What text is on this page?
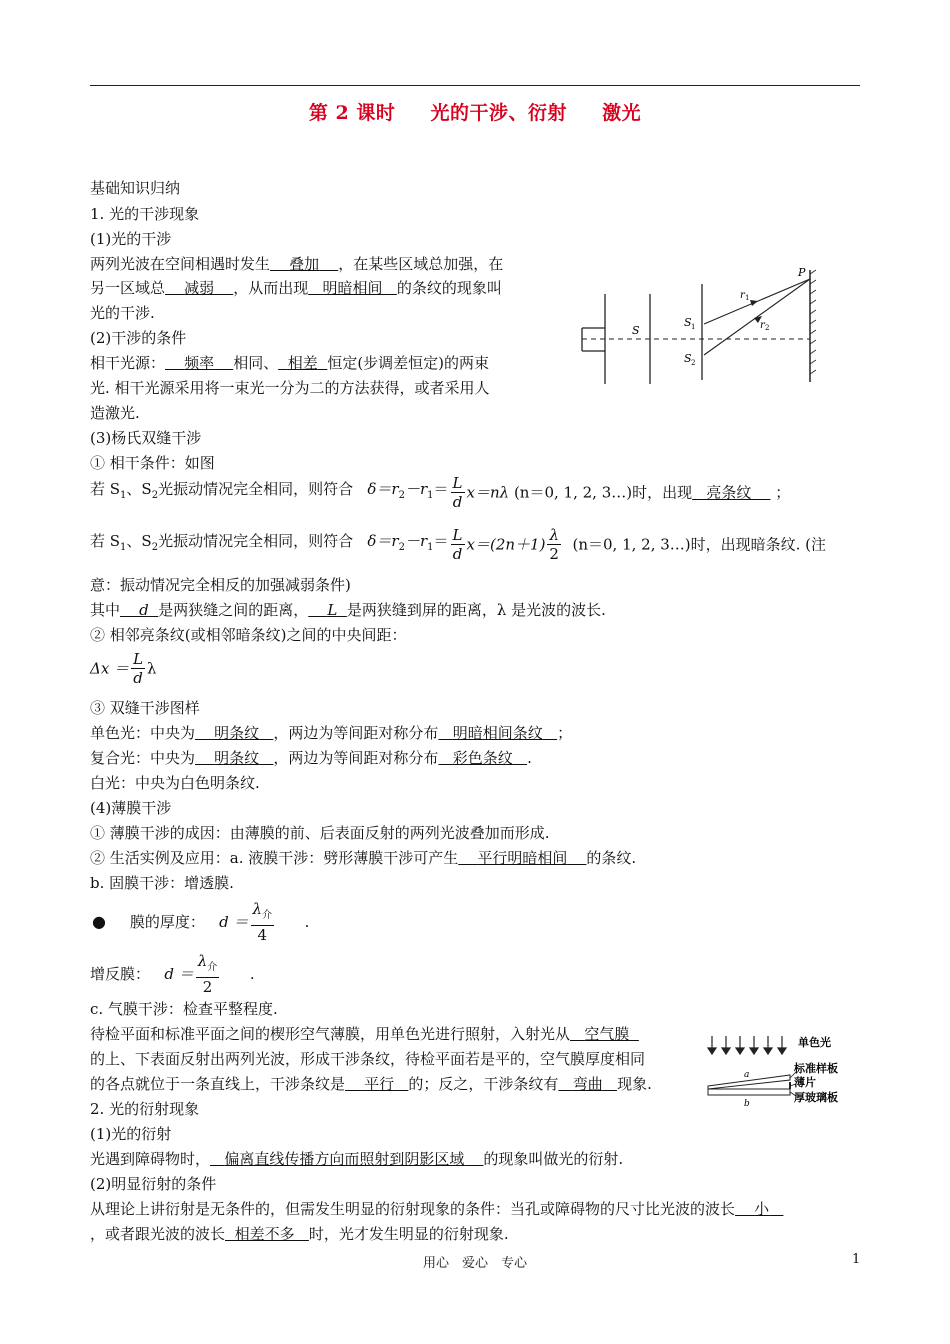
第 2 课时 光的干涉、衍射 激光
基础知识归纳
1. 光的干涉现象
(1)光的干涉
两列光波在空间相遇时发生 叠加 ，在某些区域总加强，在
另一区域总 减弱 ，从而出现 明暗相间 的条纹的现象叫
光的干涉.
(2)干涉的条件
相干光源： 频率 相同、 相差 恒定(步调差恒定)的两束
光. 相干光源采用将一束光一分为二的方法获得，或者采用人
造激光.
P
S
S 1
S 2
r 1
r 2
(3)杨氏双缝干涉
① 相干条件：如图
若 $S_1$、$S_2$光振动情况完全相同，则符合 $\delta=r_2-r_1= \frac{L}{d} x=n\lambda$ (n＝0, 1, 2, 3…)时，出现 亮条纹 ；
若 $S_1$、$S_2$光振动情况完全相同，则符合 $\delta=r_2-r_1= \frac{L}{d} x=(2n+1) \frac{\lambda}{2} (n=0$, 1, 2, 3…)时，出现暗条纹. (注
意：振动情况完全相反的加强减弱条件)
其中 d 是两狭缝之间的距离， L 是两狭缝到屏的距离，λ 是光波的波长.
② 相邻亮条纹(或相邻暗条纹)之间的中央间距：
$\Delta x = \frac{L}{d}$ λ
③ 双缝干涉图样
单色光：中央为 明条纹 ，两边为等间距对称分布 明暗相间条纹 ；
复合光：中央为 明条纹 ，两边为等间距对称分布 彩色条纹 .
白光：中央为白色明条纹.
(4)薄膜干涉
① 薄膜干涉的成因：由薄膜的前、后表面反射的两列光波叠加而形成.
② 生活实例及应用：a. 液膜干涉：劈形薄膜干涉可产生 平行明暗相间 的条纹.
b. 固膜干涉：增透膜.
● 膜的厚度： $d = \frac{\lambda_介}{4}$ .
增反膜： $d = \frac{\lambda_介}{2}$ .
c. 气膜干涉：检查平整程度.
待检平面和标准平面之间的楔形空气薄膜，用单色光进行照射，入射光从 空气膜
的上、下表面反射出两列光波，形成干涉条纹，待检平面若是平的，空气膜厚度相同
的各点就位于一条直线上，干涉条纹是 平行 的；反之，干涉条纹有 弯曲 现象.	a
b
单色光
标准样板
薄片
厚玻璃板
2. 光的衍射现象
(1)光的衍射
光遇到障碍物时， 偏离直线传播方向而照射到阴影区域 的现象叫做光的衍射.
(2)明显衍射的条件
从理论上讲衍射是无条件的，但需发生明显的衍射现象的条件：当孔或障碍物的尺寸比光波的波长 小
，或者跟光波的波长 相差不多 时，光才发生明显的衍射现象.
用心　爱心　专心	1
